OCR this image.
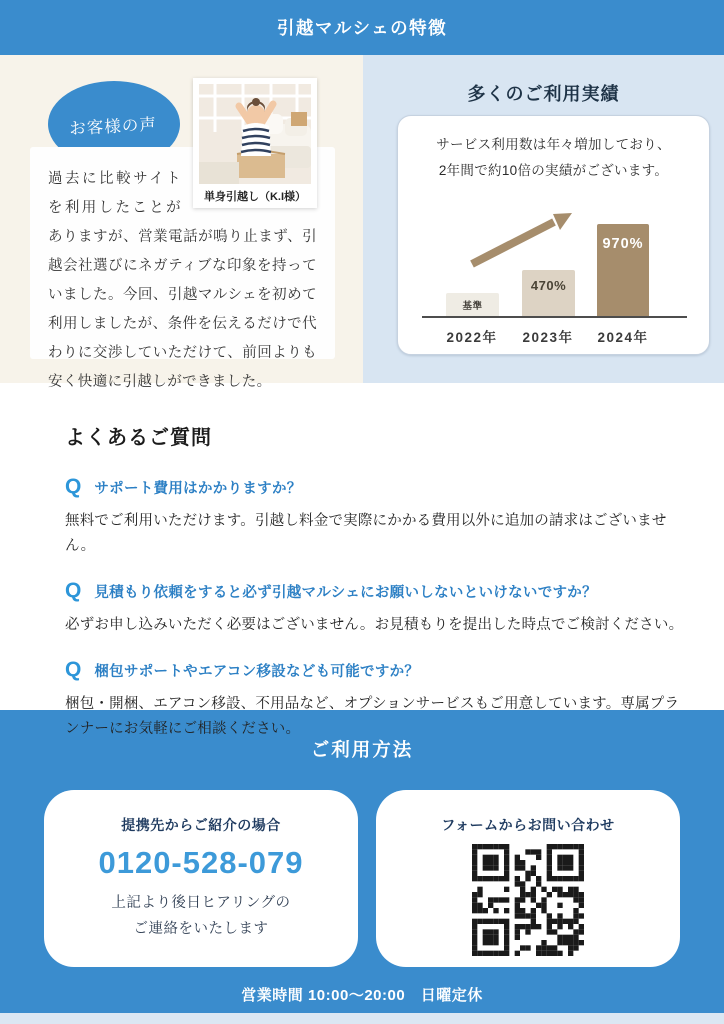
引越マルシェの特徴
お客様の声
単身引越し（K.I様）

過去に比較サイトを利用したことがありますが、営業電話が鳴り止まず、引越会社選びにネガティブな印象を持っていました。今回、引越マルシェを初めて利用しましたが、条件を伝えるだけで代わりに交渉していただけて、前回よりも安く快適に引越しができました。

多くのご利用実績

サービス利用数は年々増加しており、
2年間で約10倍の実績がございます。

基準
470%
970%
2022年	2023年	2024年
よくあるご質問
Q サポート費用はかかりますか？

無料でご利用いただけます。引越し料金で実際にかかる費用以外に追加の請求はございません。

Q 見積もり依頼をすると必ず引越マルシェにお願いしないといけないですか？

必ずお申し込みいただく必要はございません。お見積もりを提出した時点でご検討ください。

Q 梱包サポートやエアコン移設なども可能ですか？

梱包・開梱、エアコン移設、不用品など、オプションサービスもご用意しています。専属プランナーにお気軽にご相談ください。

ご利用方法

提携先からご紹介の場合

0120-528-079

上記より後日ヒアリングの
ご連絡をいたします

フォームからお問い合わせ

営業時間 10:00～20:00　日曜定休
